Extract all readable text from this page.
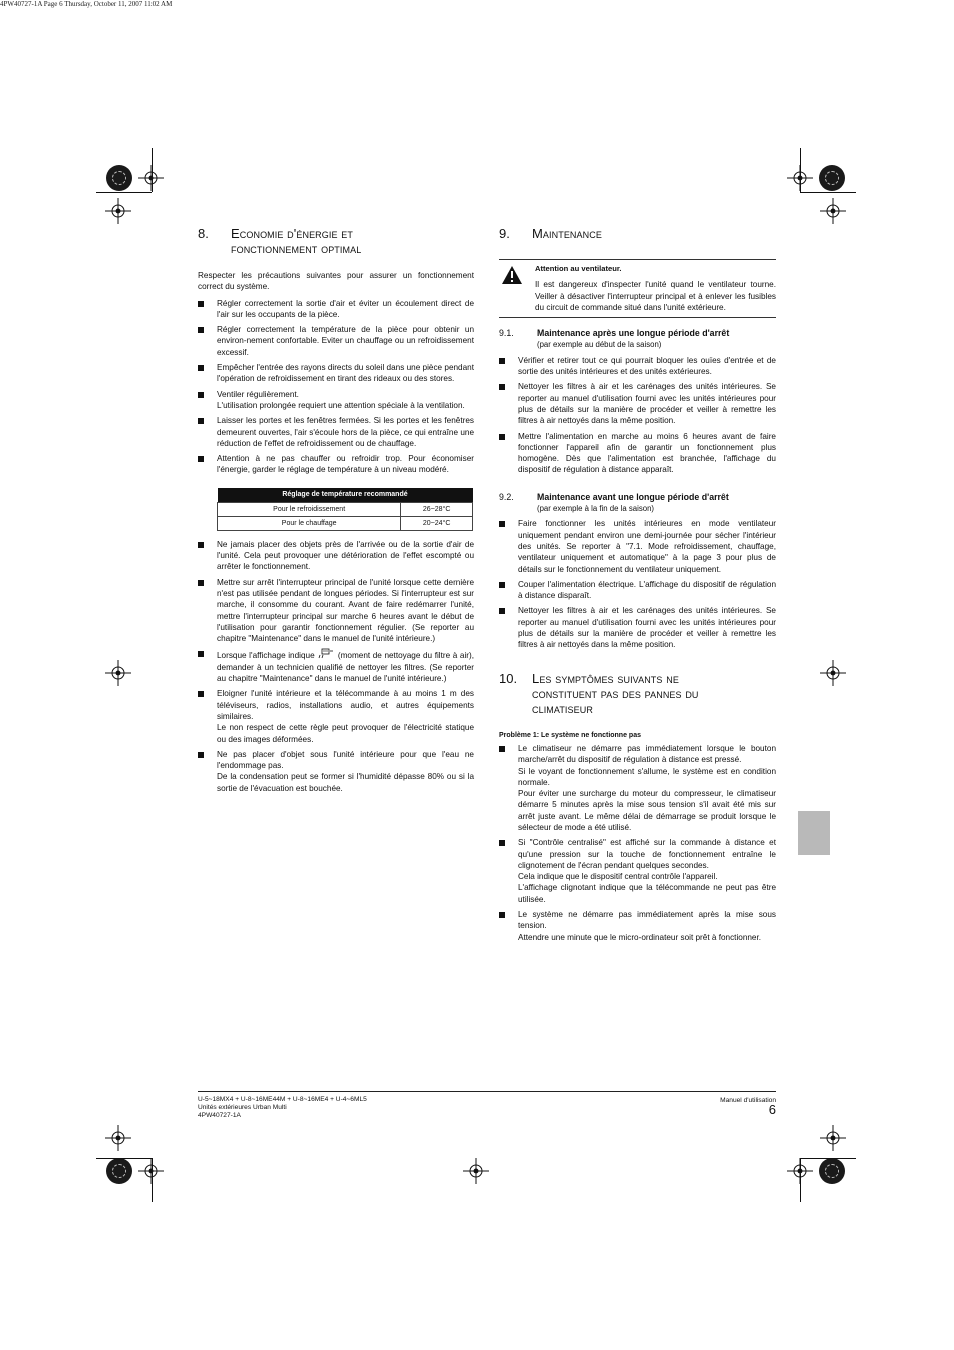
4PW40727-1A Page 6 Thursday, October 11, 2007 11:02 AM
8.	Economie d'énergie et
fonctionnement optimal

Respecter les précautions suivantes pour assurer un fonctionnement correct du système.

Régler correctement la sortie d'air et éviter un écoulement direct de l'air sur les occupants de la pièce.

Régler correctement la température de la pièce pour obtenir un environ-nement confortable. Eviter un chauffage ou un refroidissement excessif.

Empêcher l'entrée des rayons directs du soleil dans une pièce pendant l'opération de refroidissement en tirant des rideaux ou des stores.

Ventiler régulièrement.

L'utilisation prolongée requiert une attention spéciale à la ventilation.

Laisser les portes et les fenêtres fermées. Si les portes et les fenêtres demeurent ouvertes, l'air s'écoule hors de la pièce, ce qui entraîne une réduction de l'effet de refroidissement ou de chauffage.

Attention à ne pas chauffer ou refroidir trop. Pour économiser l'énergie, garder le réglage de température à un niveau modéré.

Réglage de température recommandé	
Pour le refroidissement	26~28°C
Pour le chauffage	20~24°C

Ne jamais placer des objets près de l'arrivée ou de la sortie d'air de l'unité. Cela peut provoquer une détérioration de l'effet escompté ou arrêter le fonctionnement.

Mettre sur arrêt l'interrupteur principal de l'unité lorsque cette dernière n'est pas utilisée pendant de longues périodes. Si l'interrupteur est sur marche, il consomme du courant. Avant de faire redémarrer l'unité, mettre l'interrupteur principal sur marche 6 heures avant le début de l'utilisation pour garantir fonctionnement régulier. (Se reporter au chapitre "Maintenance" dans le manuel de l'unité intérieure.)

Lorsque l'affichage indique  (moment de nettoyage du filtre à air), demander à un technicien qualifié de nettoyer les filtres. (Se reporter au chapitre "Maintenance" dans le manuel de l'unité intérieure.)

Eloigner l'unité intérieure et la télécommande à au moins 1 m des téléviseurs, radios, installations audio, et autres équipements similaires.

Le non respect de cette règle peut provoquer de l'électricité statique ou des images déformées.

Ne pas placer d'objet sous l'unité intérieure pour que l'eau ne l'endommage pas.

De la condensation peut se former si l'humidité dépasse 80% ou si la sortie de l'évacuation est bouchée.

9.	Maintenance
Attention au ventilateur.

Il est dangereux d'inspecter l'unité quand le ventilateur tourne. Veiller à désactiver l'interrupteur principal et à enlever les fusibles du circuit de commande situé dans l'unité extérieure.

9.1.	Maintenance après une longue période d'arrêt

(par exemple au début de la saison)

Vérifier et retirer tout ce qui pourrait bloquer les ouïes d'entrée et de sortie des unités intérieures et des unités extérieures.

Nettoyer les filtres à air et les carénages des unités intérieures. Se reporter au manuel d'utilisation fourni avec les unités intérieures pour plus de détails sur la manière de procéder et veiller à remettre les filtres à air nettoyés dans la même position.

Mettre l'alimentation en marche au moins 6 heures avant de faire fonctionner l'appareil afin de garantir un fonctionnement plus homogène. Dès que l'alimentation est branchée, l'affichage du dispositif de régulation à distance apparaît.

9.2.	Maintenance avant une longue période d'arrêt

(par exemple à la fin de la saison)

Faire fonctionner les unités intérieures en mode ventilateur uniquement pendant environ une demi-journée pour sécher l'intérieur des unités. Se reporter à "7.1. Mode refroidissement, chauffage, ventilateur uniquement et automatique" à la page 3 pour plus de détails sur le fonctionnement du ventilateur uniquement.

Couper l'alimentation électrique. L'affichage du dispositif de régulation à distance disparaît.

Nettoyer les filtres à air et les carénages des unités intérieures. Se reporter au manuel d'utilisation fourni avec les unités intérieures pour plus de détails sur la manière de procéder et veiller à remettre les filtres à air nettoyés dans la même position.

10.	Les symptômes suivants ne
constituent pas des pannes du
climatiseur

Problème 1: Le système ne fonctionne pas

Le climatiseur ne démarre pas immédiatement lorsque le bouton marche/arrêt du dispositif de régulation à distance est pressé.

Si le voyant de fonctionnement s'allume, le système est en condition normale.

Pour éviter une surcharge du moteur du compresseur, le climatiseur démarre 5 minutes après la mise sous tension s'il avait été mis sur arrêt juste avant. Le même délai de démarrage se produit lorsque le sélecteur de mode a été utilisé.

Si "Contrôle centralisé" est affiché sur la commande à distance et qu'une pression sur la touche de fonctionnement entraîne le clignotement de l'écran pendant quelques secondes.

Cela indique que le dispositif central contrôle l'appareil.

L'affichage clignotant indique que la télécommande ne peut pas être utilisée.

Le système ne démarre pas immédiatement après la mise sous tension.

Attendre une minute que le micro-ordinateur soit prêt à fonctionner.

U-5~18MX4 + U-8~16ME44M + U-8~16ME4 + U-4~6ML5
Unités extérieures Urban Multi
4PW40727-1A
Manuel d'utilisation
6
